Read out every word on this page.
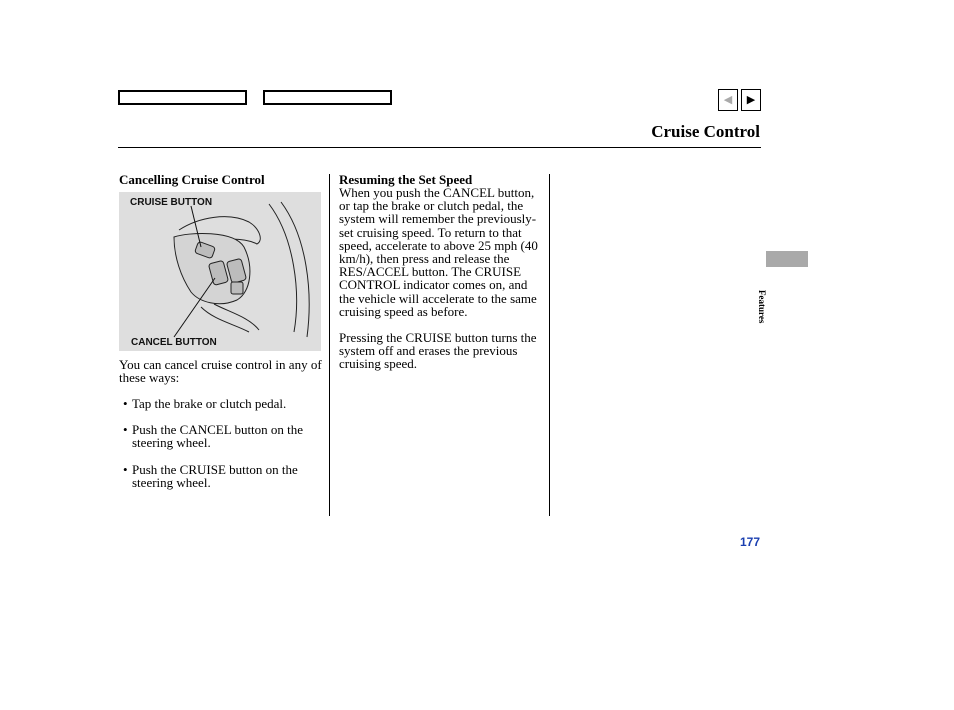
◀	▶
Cruise Control
Cancelling Cruise Control
CRUISE BUTTON
CANCEL BUTTON
You can cancel cruise control in any of these ways:
• Tap the brake or clutch pedal.
• Push the CANCEL button on the steering wheel.
• Push the CRUISE button on the steering wheel.
Resuming the Set Speed

When you push the CANCEL button, or tap the brake or clutch pedal, the system will remember the previously-set cruising speed. To return to that speed, accelerate to above 25 mph (40 km/h), then press and release the RES/ACCEL button. The CRUISE CONTROL indicator comes on, and the vehicle will accelerate to the same cruising speed as before.

Pressing the CRUISE button turns the system off and erases the previous cruising speed.

Features
177
